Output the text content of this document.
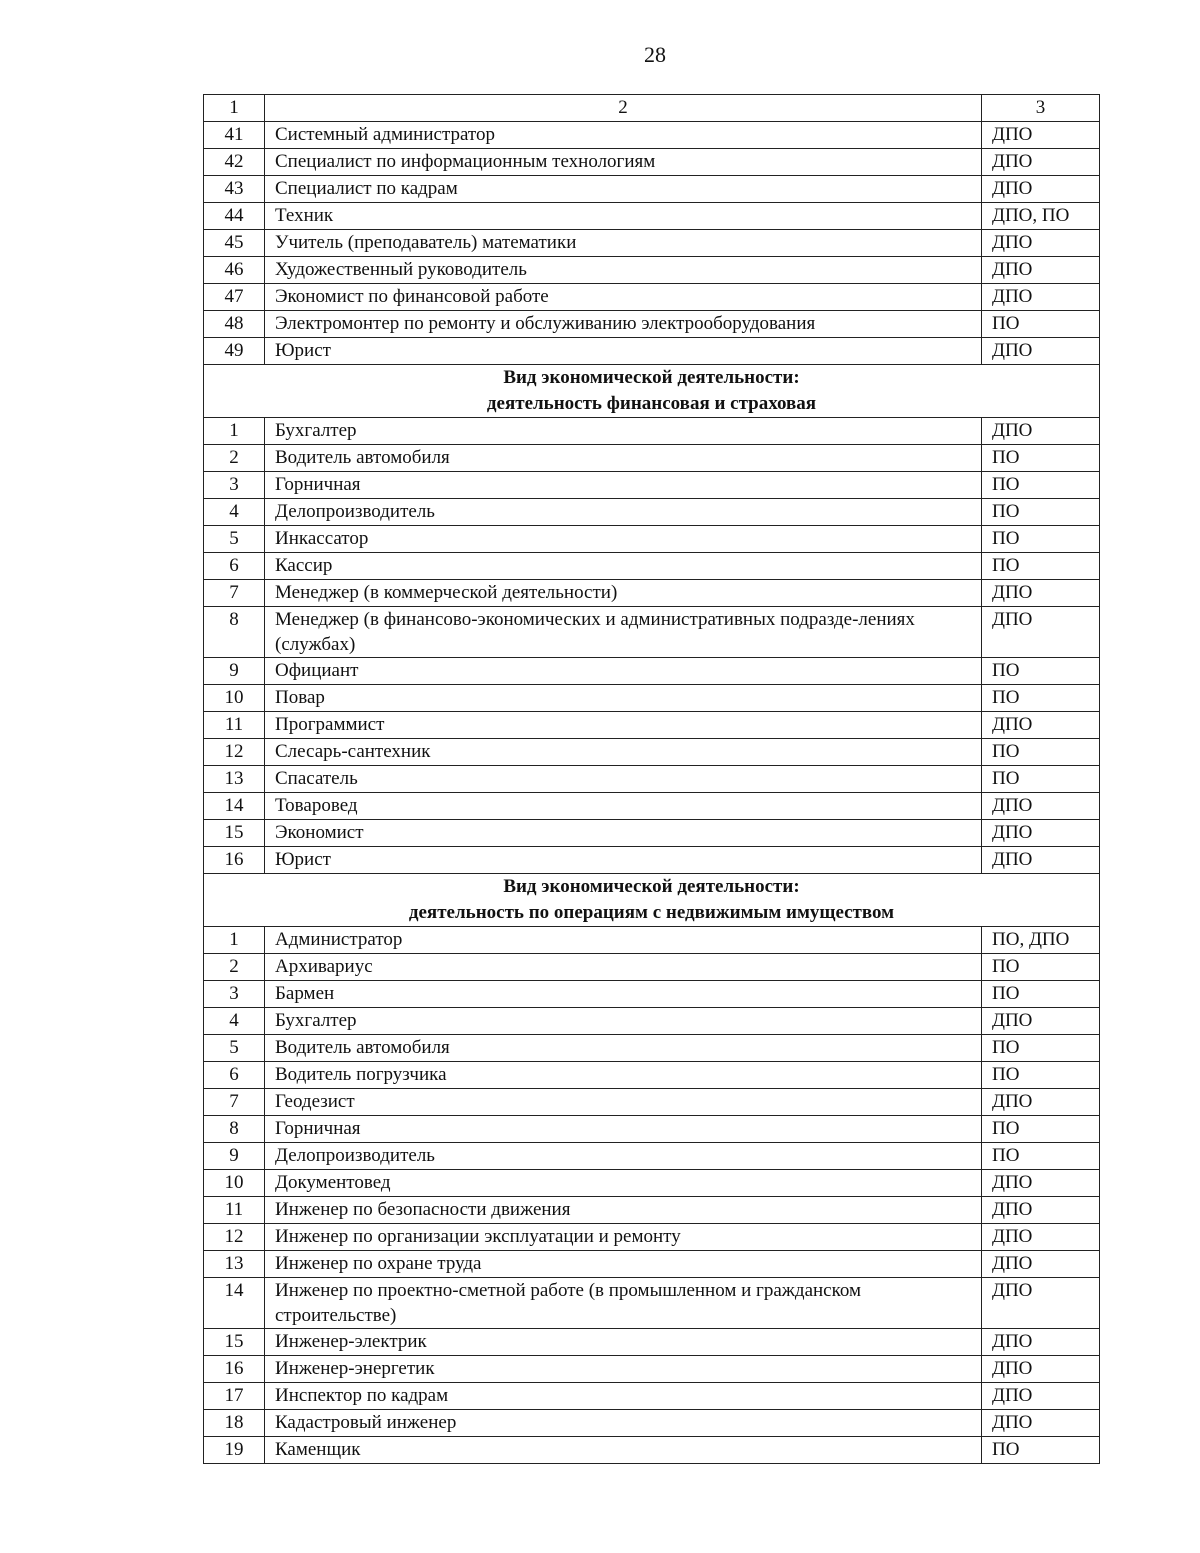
28
1	2	3
41	Системный администратор	ДПО
42	Специалист по информационным технологиям	ДПО
43	Специалист по кадрам	ДПО
44	Техник	ДПО, ПО
45	Учитель (преподаватель) математики	ДПО
46	Художественный руководитель	ДПО
47	Экономист по финансовой работе	ДПО
48	Электромонтер по ремонту и обслуживанию электрооборудования	ПО
49	Юрист	ДПО

Вид экономической деятельности:
деятельность финансовая и страховая		

1	Бухгалтер	ДПО
2	Водитель автомобиля	ПО
3	Горничная	ПО
4	Делопроизводитель	ПО
5	Инкассатор	ПО
6	Кассир	ПО
7	Менеджер (в коммерческой деятельности)	ДПО
8	Менеджер (в финансово-экономических и административных подразде-лениях (службах)	ДПО
9	Официант	ПО
10	Повар	ПО
11	Программист	ДПО
12	Слесарь-сантехник	ПО
13	Спасатель	ПО
14	Товаровед	ДПО
15	Экономист	ДПО
16	Юрист	ДПО

Вид экономической деятельности:
деятельность по операциям с недвижимым имуществом		

1	Администратор	ПО, ДПО
2	Архивариус	ПО
3	Бармен	ПО
4	Бухгалтер	ДПО
5	Водитель автомобиля	ПО
6	Водитель погрузчика	ПО
7	Геодезист	ДПО
8	Горничная	ПО
9	Делопроизводитель	ПО
10	Документовед	ДПО
11	Инженер по безопасности движения	ДПО
12	Инженер по организации эксплуатации и ремонту	ДПО
13	Инженер по охране труда	ДПО
14	Инженер по проектно-сметной работе (в промышленном и гражданском строительстве)	ДПО
15	Инженер-электрик	ДПО
16	Инженер-энергетик	ДПО
17	Инспектор по кадрам	ДПО
18	Кадастровый инженер	ДПО
19	Каменщик	ПО
